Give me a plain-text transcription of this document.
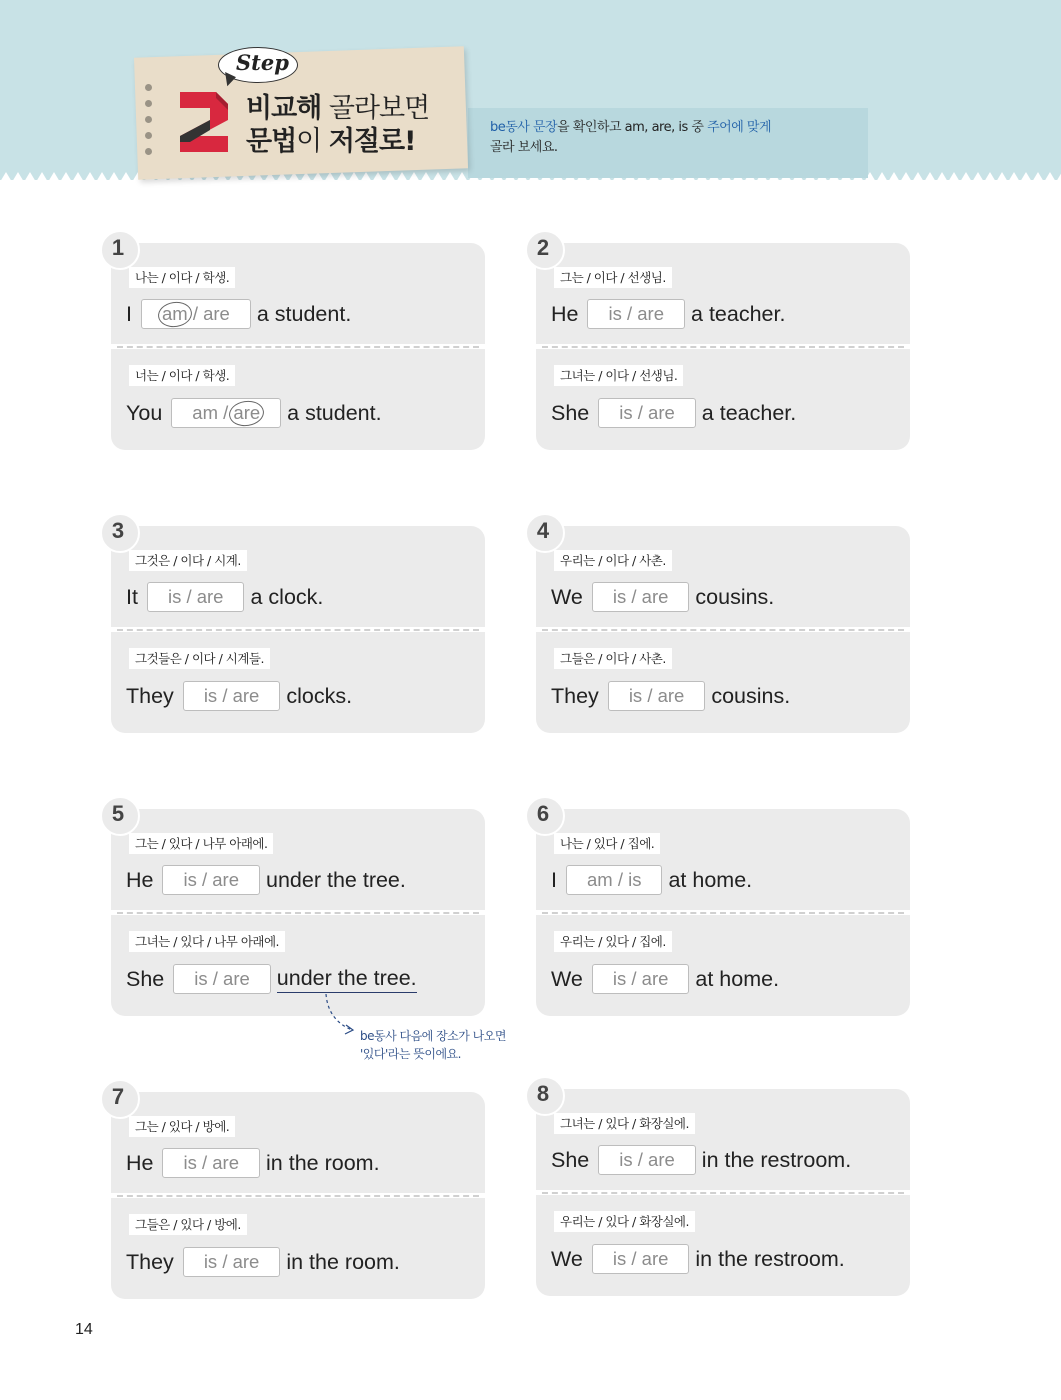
Step
2
비교해 골라보면
문법이 저절로!	be동사 문장을 확인하고 am, are, is 중 주어에 맞게
골라 보세요.
1
나는 / 이다 / 학생.
I	am / are	a student.
너는 / 이다 / 학생.
You	am / are	a student.
2
그는 / 이다 / 선생님.
He	is / are	a teacher.
그녀는 / 이다 / 선생님.
She	is / are	a teacher.
3
그것은 / 이다 / 시계.
It	is / are	a clock.
그것들은 / 이다 / 시계들.
They	is / are	clocks.
4
우리는 / 이다 / 사촌.
We	is / are	cousins.
그들은 / 이다 / 사촌.
They	is / are	cousins.
5
그는 / 있다 / 나무 아래에.
He	is / are	under the tree.
그녀는 / 있다 / 나무 아래에.
She	is / are	under the tree.
6
나는 / 있다 / 집에.
I	am / is	at home.
우리는 / 있다 / 집에.
We	is / are	at home.
be동사 다음에 장소가 나오면
'있다'라는 뜻이에요.
7
그는 / 있다 / 방에.
He	is / are	in the room.
그들은 / 있다 / 방에.
They	is / are	in the room.
8
그녀는 / 있다 / 화장실에.
She	is / are	in the restroom.
우리는 / 있다 / 화장실에.
We	is / are	in the restroom.
14
